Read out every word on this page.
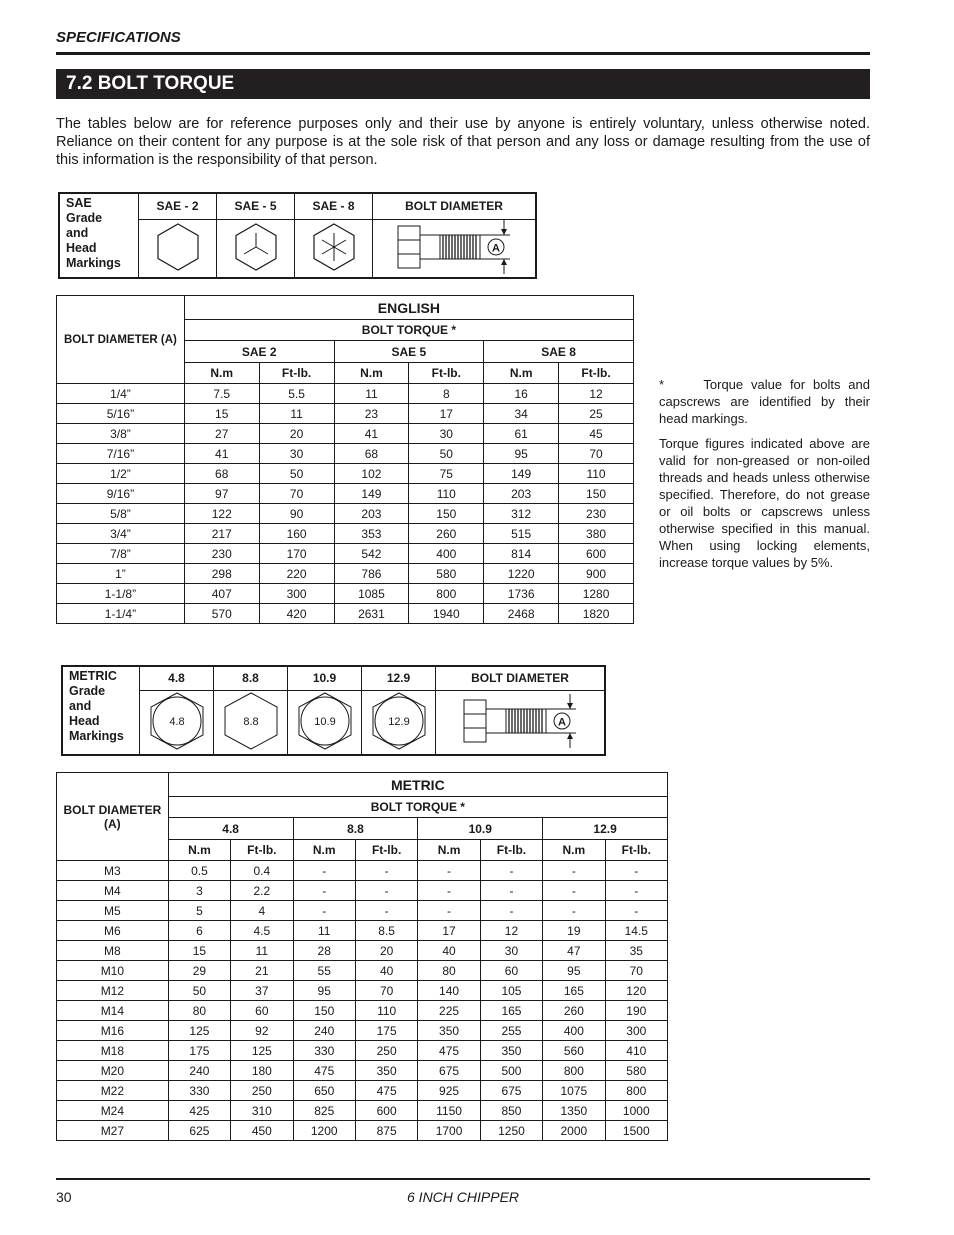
SPECIFICATIONS
7.2 BOLT TORQUE

The tables below are for reference purposes only and their use by anyone is entirely voluntary, unless otherwise noted. Reliance on their content for any purpose is at the sole risk of that person and any loss or damage resulting from the use of this information is the responsibility of that person.

SAE
Grade
and
Head
Markings	SAE - 2	SAE - 5	SAE - 8	BOLT DIAMETER

A
BOLT DIAMETER (A)	ENGLISH					
	BOLT TORQUE *					
	SAE 2		SAE 5		SAE 8	
	N.m	Ft-lb.	N.m	Ft-lb.	N.m	Ft-lb.
1/4”	7.5	5.5	11	8	16	12
5/16”	15	11	23	17	34	25
3/8”	27	20	41	30	61	45
7/16”	41	30	68	50	95	70
1/2”	68	50	102	75	149	110
9/16”	97	70	149	110	203	150
5/8”	122	90	203	150	312	230
3/4”	217	160	353	260	515	380
7/8”	230	170	542	400	814	600
1”	298	220	786	580	1220	900
1-1/8”	407	300	1085	800	1736	1280
1-1/4”	570	420	2631	1940	2468	1820

*	Torque value for bolts and capscrews are identified by their head markings.

Torque figures indicated above are valid for non-greased or non-oiled threads and heads unless otherwise specified. Therefore, do not grease or oil bolts or capscrews unless otherwise specified in this manual. When using locking elements, increase torque values by 5%.

METRIC
Grade
and
Head
Markings	4.8	8.8	10.9	12.9	BOLT DIAMETER

4.8	8.8	10.9	12.9	A
BOLT DIAMETER
(A)	METRIC							
	BOLT TORQUE *							
	4.8		8.8		10.9		12.9	
	N.m	Ft-lb.	N.m	Ft-lb.	N.m	Ft-lb.	N.m	Ft-lb.
M3	0.5	0.4	-	-	-	-	-	-
M4	3	2.2	-	-	-	-	-	-
M5	5	4	-	-	-	-	-	-
M6	6	4.5	11	8.5	17	12	19	14.5
M8	15	11	28	20	40	30	47	35
M10	29	21	55	40	80	60	95	70
M12	50	37	95	70	140	105	165	120
M14	80	60	150	110	225	165	260	190
M16	125	92	240	175	350	255	400	300
M18	175	125	330	250	475	350	560	410
M20	240	180	475	350	675	500	800	580
M22	330	250	650	475	925	675	1075	800
M24	425	310	825	600	1150	850	1350	1000
M27	625	450	1200	875	1700	1250	2000	1500
30	6 INCH CHIPPER
